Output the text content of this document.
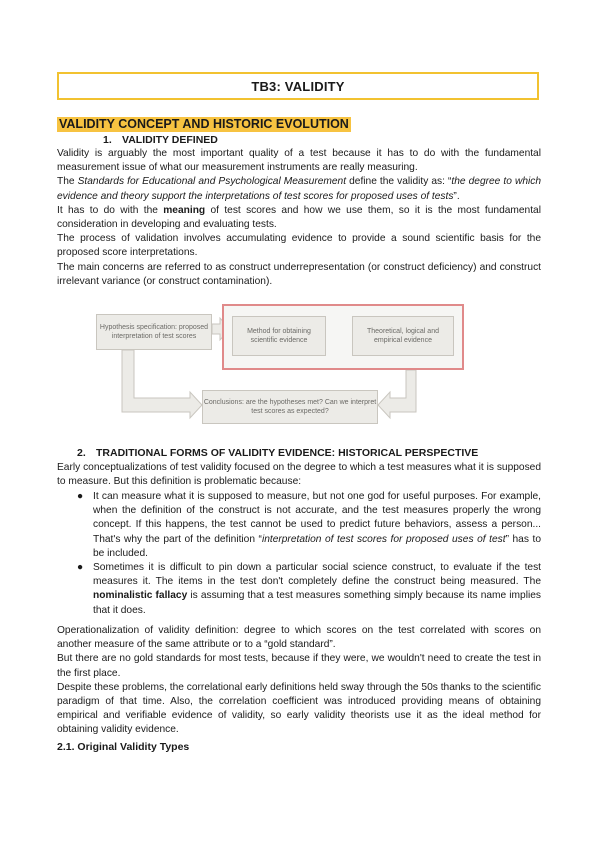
TB3: VALIDITY
VALIDITY CONCEPT AND HISTORIC EVOLUTION
1. VALIDITY DEFINED

Validity is arguably the most important quality of a test because it has to do with the fundamental measurement issue of what our measurement instruments are really measuring.

The Standards for Educational and Psychological Measurement define the validity as: “the degree to which evidence and theory support the interpretations of test scores for proposed uses of tests”.

It has to do with the meaning of test scores and how we use them, so it is the most fundamental consideration in developing and evaluating tests.

The process of validation involves accumulating evidence to provide a sound scientific basis for the proposed score interpretations.

The main concerns are referred to as construct underrepresentation (or construct deficiency) and construct irrelevant variance (or construct contamination).

Hypothesis specification: proposed interpretation of test scores
Method for obtaining scientific evidence
Theoretical, logical and empirical evidence
Conclusions: are the hypotheses met? Can we interpret test scores as expected?
2. TRADITIONAL FORMS OF VALIDITY EVIDENCE: HISTORICAL PERSPECTIVE
Early conceptualizations of test validity focused on the degree to which a test measures what it is supposed to measure. But this definition is problematic because:

● It can measure what it is supposed to measure, but not one god for useful purposes. For example, when the definition of the construct is not accurate, and the test measures properly the wrong concept. If this happens, the test cannot be used to predict future behaviors, assess a person... That's why the part of the definition “interpretation of test scores for proposed uses of test” has to be included.

● Sometimes it is difficult to pin down a particular social science construct, to evaluate if the test measures it. The items in the test don't completely define the construct being measured. The nominalistic fallacy is assuming that a test measures something simply because its name implies that it does.

Operationalization of validity definition: degree to which scores on the test correlated with scores on another measure of the same attribute or to a “gold standard”.

But there are no gold standards for most tests, because if they were, we wouldn't need to create the test in the first place.

Despite these problems, the correlational early definitions held sway through the 50s thanks to the scientific paradigm of that time. Also, the correlation coefficient was introduced providing means of obtaining empirical and verifiable evidence of validity, so early validity theorists use it as the ideal method for obtaining validity evidence.

2.1. Original Validity Types
